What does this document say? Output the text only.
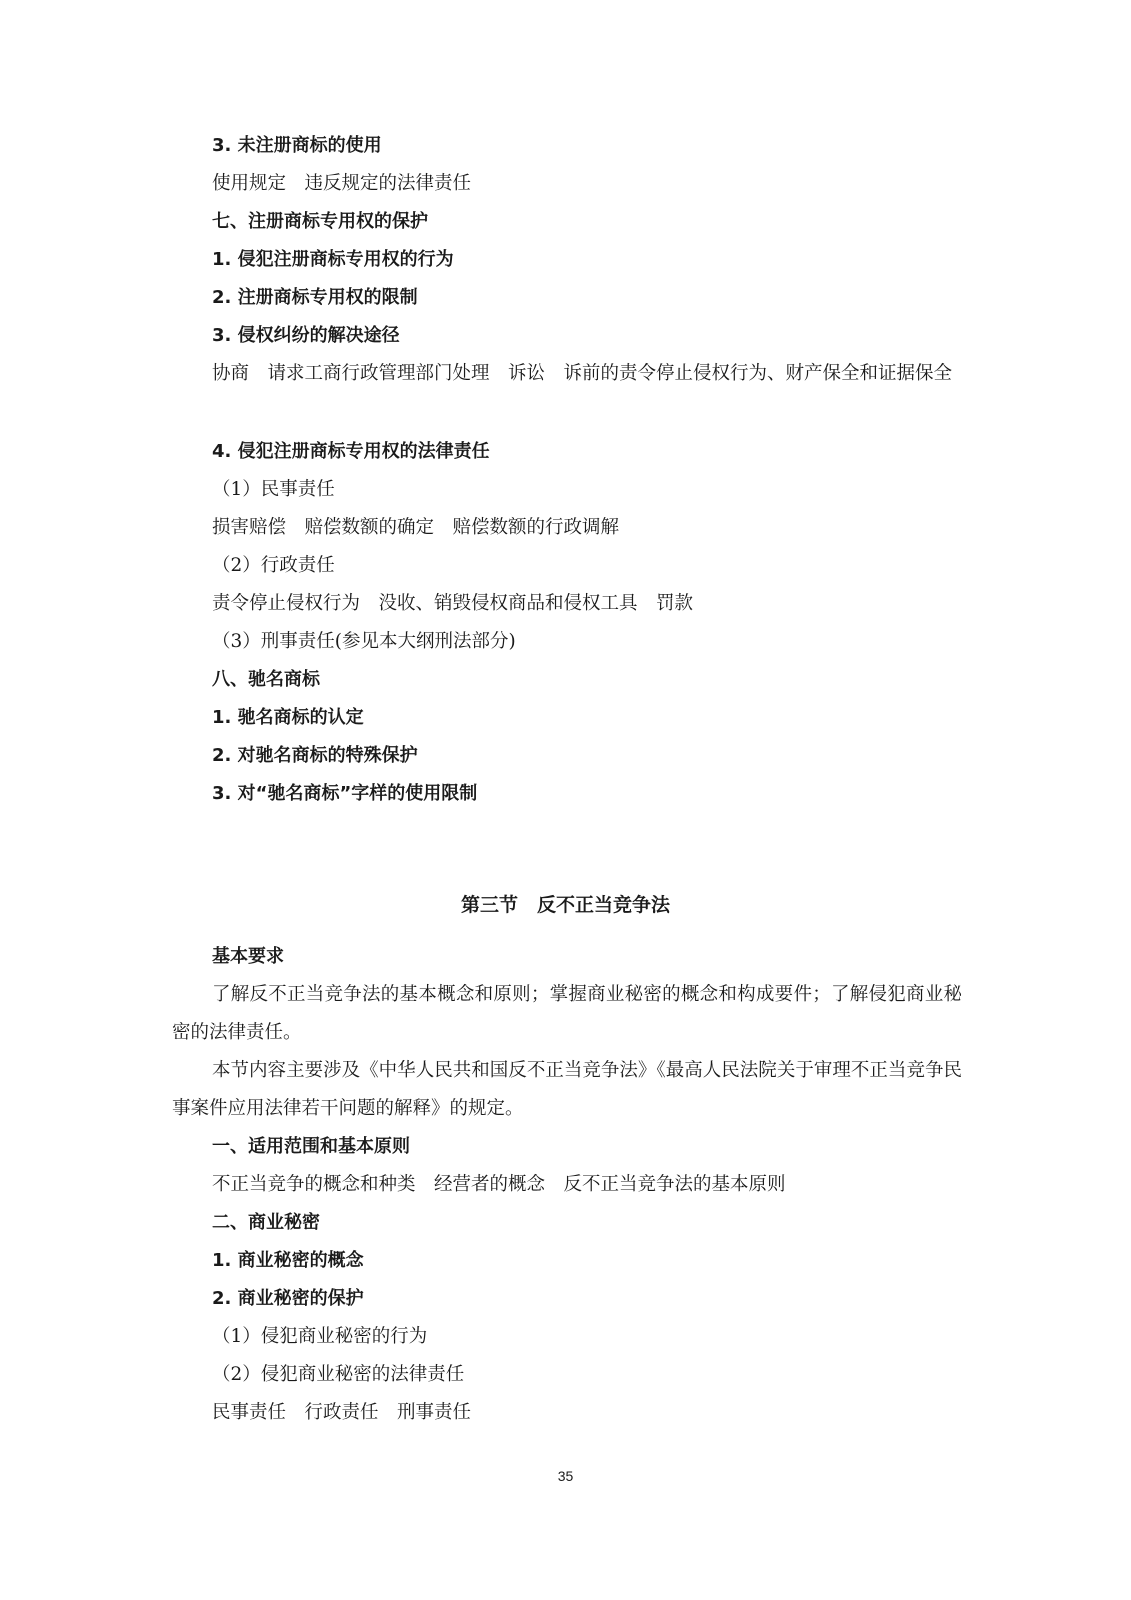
3. 未注册商标的使用
使用规定　违反规定的法律责任
七、注册商标专用权的保护
1. 侵犯注册商标专用权的行为
2. 注册商标专用权的限制
3. 侵权纠纷的解决途径
协商　请求工商行政管理部门处理　诉讼　诉前的责令停止侵权行为、财产保全和证据保全
4. 侵犯注册商标专用权的法律责任
（1）民事责任
损害赔偿　赔偿数额的确定　赔偿数额的行政调解
（2）行政责任
责令停止侵权行为　没收、销毁侵权商品和侵权工具　罚款
（3）刑事责任(参见本大纲刑法部分)
八、驰名商标
1. 驰名商标的认定
2. 对驰名商标的特殊保护
3. 对“驰名商标”字样的使用限制
第三节　反不正当竞争法
基本要求
了解反不正当竞争法的基本概念和原则；掌握商业秘密的概念和构成要件；了解侵犯商业秘密的法律责任。
本节内容主要涉及《中华人民共和国反不正当竞争法》《最高人民法院关于审理不正当竞争民事案件应用法律若干问题的解释》的规定。
一、适用范围和基本原则
不正当竞争的概念和种类　经营者的概念　反不正当竞争法的基本原则
二、商业秘密
1. 商业秘密的概念
2. 商业秘密的保护
（1）侵犯商业秘密的行为
（2）侵犯商业秘密的法律责任
民事责任　行政责任　刑事责任
35
